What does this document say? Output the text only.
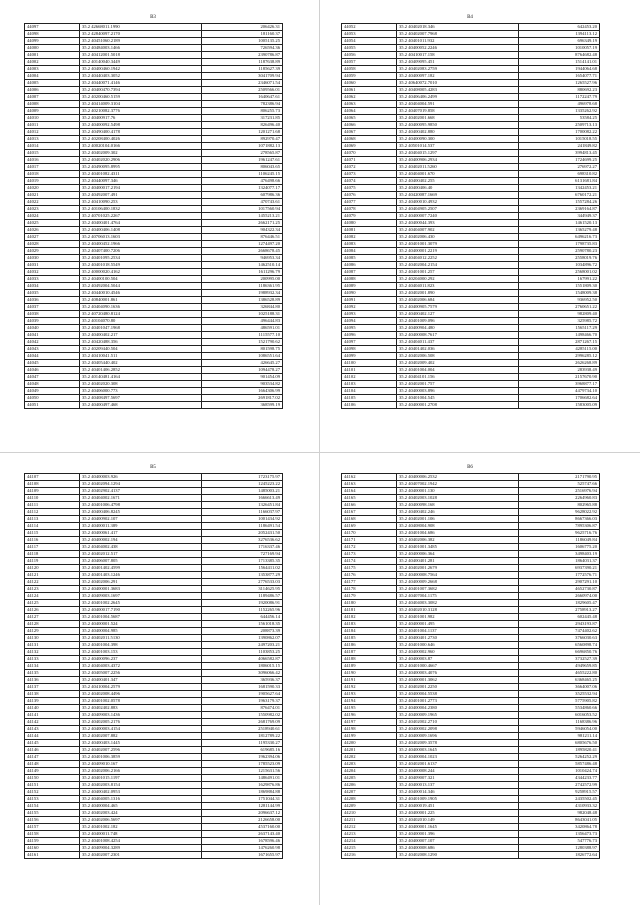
B3
44097	35.2 42668011.1990	206426.31
44098	35.2 42840097.2170	181160.37
44099	35.2 40451060.2189	1005135.25
44000	35.2 40484003.1466	726594.36
44001	35.2 40412001.5018	2390786.87
44002	35.2 40140040.3449	1187638.89
44003	35.2 40400460.1942	1185627.39
44004	35.2 40440403.3052	3041709.94
44005	35.2 40440071.4146	2346071.54
44006	35.2 40400470.7394	2509566.01
44007	35.2 40200460.5159	1640647.61
44008	35.2 40414009.3104	782386.94
44009	35.2 40210082.3776	806255.73
44010	35.2 40400917.76	317231.85
44011	35.2 40400092.5498	826496.40
44012	35.2 40490400.4178	1201271.68
44013	35.2 40208400.4026	892970.47
44014	35.2 40020104.0166	1071882.13
44015	35.2 40402009.302	278565.87
44016	35.2 40402020.2906	1961247.61
44017	35.2 40490095.8995	806043.65
44018	35.2 40401082.4311	1106245.15
44019	35.2 40440097.346	476498.66
44020	35.2 40400017.2194	1324077.17
44021	35.2 40492007.491	607986.36
44022	35.2 40410090.253	470743.61
44023	35.2 40106400.1832	1017560.94
44024	35.2 40701025.2267	1455213.21
44025	35.2 40400401.4764	2662171.25
44026	35.2 40400406.1408	904322.34
44027	35.2 40706013.1603	876446.51
44028	35.2 40400452.1966	1274497.20
44029	35.2 40407400.7206	2668678.45
44030	35.2 40401095.2534	946953.34
44031	35.2 40401018.5549	1462510.14
44032	35.2 40000020.4162	1611296.79
44033	35.2 40400100.504	200995.00
44034	35.2 40492004.5044	1186361.95
44035	35.2 40440010.4546	1988932.34
44036	35.2 40840001.861	1386528.89
44037	35.2 40404090.1636	326844.80
44038	35.2 40720480.8124	1025188.31
44039	35.2 40104070.80	496444.83
44040	35.2 40401047.1968	486591.01
44041	35.2 40400402.217	1115577.10
44042	35.2 40420488.356	1521790.62
44043	35.2 40209440.504	801598.75
44044	35.2 40410041.511	1086551.64
44045	35.2 40405440.402	426645.27
44046	35.2 40401406.2852	1094478.27
44047	35.2 40140481.4164	901454.09
44048	35.2 40402020.308	903534.82
44049	35.2 40406000.773	1664306.99
44050	35.2 40408497.5697	2691817.02
44051	35.2 40400497.468	368599.19
B4
44052	35.2 40402018.346	642453.20
44053	35.2 40402007.7968	1394113.12
44054	35.2 40401011.932	696349.19
44055	35.2 40400052.2246	1010057.19
44056	35.2 40410017.158	8764682.48
44057	35.2 40409095.451	1514141.01
44058	35.2 40402083.2759	1944064.68
44059	35.2 40400097.182	1654077.71
44060	35.2 40640072.7010	1265527.96
44061	35.2 40408005.4283	880692.23
44062	35.2 40406406.2499	1172247.79
44063	35.2 40404004.591	496978.68
44064	35.2 40407019.858	1335262.92
44065	35.2 40402001.668	53584.25
44066	35.2 40400095.9850	2509713.13
44067	35.2 40400402.880	1700082.22
44068	35.2 40400090.300	1015018.55
44069	35.2 40501014.537	241849.82
44070	35.2 40404015.1297	3994813.45
44071	35.2 40400906.2934	1724699.25
44072	35.2 40402011.5260	276972.27
44073	35.2 40404001.670	698310.82
44074	35.2 40400402.255	6131681.84
44075	35.2 40400406.40	1342453.21
44076	35.2 40420087.1669	6760172.21
44077	35.2 40400010.4932	1557284.26
44078	35.2 40404905.2507	2369164.87
44079	35.2 40400007.7240	344949.37
44080	35.2 40400044.393	1461520.13
44081	35.2 40404007.902	1365279.48
44082	35.2 40402006.430	6496216.73
44083	35.2 40401001.3079	1798735.83
44084	35.2 40400001.2219	2590780.23
44085	35.2 40404012.2252	2558019.76
44086	35.2 40402004.2154	1034896.72
44087	35.2 40401001.257	2568001.02
44088	35.2 40204000.292	167991.22
44089	35.2 40404011.823	1551809.30
44090	35.2 40402001.890	1548009.38
44091	35.2 40402006.684	936952.50
44092	35.2 40400905.7579	2760651.22
44093	35.2 40400402.127	982809.40
44094	35.2 40401009.096	325985.72
44095	35.2 40400904.480	1565117.29
44096	35.2 40400008.7617	1498466.70
44097	35.2 40404011.437	2871267.15
44098	35.2 40401402.036	4285115.00
44099	35.2 40402006.508	2996285.12
44100	35.2 40402009.402	2626268.89
44101	35.2 40401004.004	283938.49
44102	35.2 40404101.156	2157670.90
44103	35.2 40402001.757	3968877.17
44104	35.2 40400003.896	4479734.10
44105	35.2 40401004.545	1706682.64
44106	35.2 40400001.2708	1583005.09
B5
44107	35.2 40400003.926	1723175.97
44108	35.2 40402094.1294	1245223.22
44109	35.2 40402902.4137	1485003.21
44110	35.2 40404002.1671	1666613.49
44111	35.2 40401006.4798	1326451.84
44112	35.2 40400406.8245	1166037.97
44113	35.2 40400902.107	1001434.92
44114	35.2 40400011.389	1186491.54
44115	35.2 40400061.417	2052431.50
44116	35.2 40400002.194	3276536.62
44117	35.2 40404002.438	1716337.46
44118	35.2 40402012.517	727169.94
44119	35.2 40406007.805	1713385.35
44120	35.2 40401402.4599	1564411.02
44121	35.2 40401403.1246	1353877.29
44122	35.2 40402006.291	2776533.03
44123	35.2 40400001.3683	3114625.95
44124	35.2 40409003.1697	1189486.57
44125	35.2 40401002.2645	1920086.91
44126	35.2 40400017.7190	1152265.96
44127	35.2 40401004.5687	644456.14
44128	35.2 40400001.524	1561018.35
44129	35.2 40400004.985	208873.39
44130	35.2 40402011.5130	1390862.07
44131	35.2 40401004.398	2497203.21
44132	35.2 40401003.153	1103853.25
44133	35.2 40400096.237	4066582.87
44134	35.2 40404003.4372	1806015.15
44135	35.2 40405007.2256	3096066.42
44136	35.2 40400401.347	365936.37
44137	35.2 40410004.2579	1681590.33
44138	35.2 40402008.4496	1905627.64
44139	35.2 40401002.0578	1963179.37
44140	35.2 40402402.883	876474.01
44141	35.2 40409003.1436	1550982.02
44142	35.2 40402005.2176	2681769.09
44143	35.2 40400003.4154	2518940.61
44144	35.2 40402007.882	1812789.22
44145	35.2 40400403.1445	1195330.27
44146	35.2 40402007.2596	619685.16
44147	35.2 40401006.3859	1962394.06
44148	35.2 40409010.167	1785523.09
44149	35.2 40402006.2166	1215631.56
44150	35.2 40401015.1197	1486491.01
44151	35.2 40402003.8154	1629876.86
44152	35.2 40400402.0953	1869884.88
44153	35.2 40404005.1316	1751044.31
44154	35.2 40400004.465	1281144.99
44155	35.2 40402003.424	2096637.12
44156	35.2 40402006.5697	2126658.00
44157	35.2 40401002.182	4537160.00
44158	35.2 40400011.748	2637143.40
44159	35.2 40401008.4254	1678596.46
44160	35.2 40409004.3289	1476260.98
44161	35.2 40402007.2301	1671655.97
B6
44162	35.2 40400006.2532	2171790.95
44163	35.2 40407002.1942	525747.66
44164	35.2 40400001.130	2516976.94
44165	35.2 40402003.1028	2264960.83
44166	35.2 40400098.168	802965.88
44167	35.2 40400402.246	9628022.92
44168	35.2 40402001.106	8667366.03
44169	35.2 40408004.908	7895306.87
44170	35.2 40401004.686	9625716.76
44171	35.2 40402006.382	1186049.84
44172	35.2 40401001.3485	1606775.20
44173	35.2 40400006.364	3498403.19
44174	35.2 40400401.281	1864031.37
44175	35.2 40402001.2679	6937390.21
44176	35.2 40400008.7564	1772576.71
44177	35.2 40400009.2668	2907291.10
44178	35.2 40401007.3682	4652730.87
44179	35.2 40407004.1175	2660974.00
44180	35.2 40404003.3082	1829605.47
44181	35.2 40402010.3128	2758913.27
44182	35.2 40401001.982	602445.48
44183	35.2 40400001.495	2943193.87
44184	35.2 40401004.1137	7474402.62
44185	35.2 40400401.2730	3766030.63
44186	35.2 40401000.646	6560898.74
44187	35.2 40400002.960	6696850.76
44188	35.2 40400003.87	3732527.39
44189	35.2 40401000.4667	4949659.85
44190	35.2 40400003.4076	4655222.80
44191	35.2 40400001.3062	6368465.25
44192	35.2 40402001.2250	3664007.06
44193	35.2 40400004.5538	3525532.94
44194	35.2 40401001.2773	5775905.82
44195	35.2 40400004.2380	5534860.66
44196	35.2 40400009.1965	6016053.52
44197	35.2 40402002.2710	1168386.96
44198	35.2 40400002.2098	5946054.00
44199	35.2 40400009.1696	981211.14
44200	35.2 40402009.3578	6805676.50
44201	35.2 40400003.1645	1895820.41
44202	35.2 40400004.1023	5264252.29
44203	35.2 40402001.6137	5857486.48
44204	35.2 40400008.244	1010424.74
44205	35.2 40409007.321	4344233.77
44206	35.2 40400013.137	2742572.99
44207	35.2 40400014.346	9258915.57
44208	35.2 40401009.1905	2435502.45
44209	35.2 40400019.451	4310933.32
44210	35.2 40400001.225	982048.48
44211	35.2 40402010.149	8643041.05
44212	35.2 40400001.1645	3420864.78
44213	35.2 40400001.396	1356473.73
44214	35.2 40400007.107	547776.73
44215	35.2 40400008.686	1280388.97
44216	35.2 40402008.1290	1826772.64
